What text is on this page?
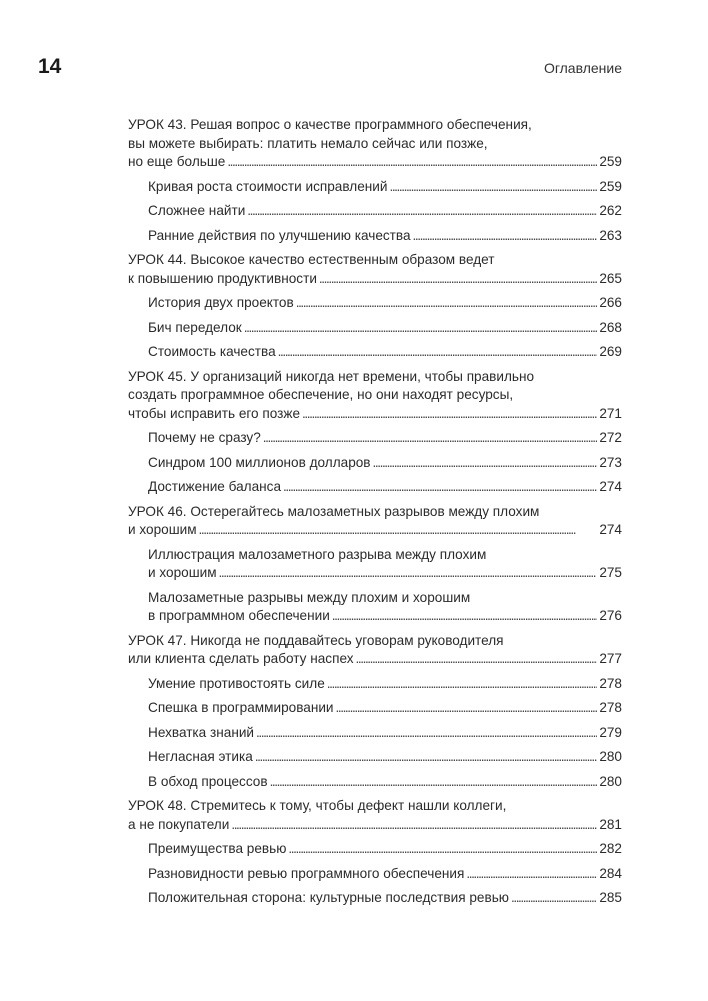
14	Оглавление
УРОК 43. Решая вопрос о качестве программного обеспечения,
вы можете выбирать: платить немало сейчас или позже,
но еще больше . . .	259
Кривая роста стоимости исправлений . . .	259
Сложнее найти . . .	262
Ранние действия по улучшению качества . . .	263
УРОК 44. Высокое качество естественным образом ведет
к повышению продуктивности . . .	265
История двух проектов . . .	266
Бич переделок . . .	268
Стоимость качества . . .	269
УРОК 45. У организаций никогда нет времени, чтобы правильно
создать программное обеспечение, но они находят ресурсы,
чтобы исправить его позже . . .	271
Почему не сразу? . . .	272
Синдром 100 миллионов долларов . . .	273
Достижение баланса . . .	274
УРОК 46. Остерегайтесь малозаметных разрывов между плохим
и хорошим . . .	274
Иллюстрация малозаметного разрыва между плохим
и хорошим . . .	275
Малозаметные разрывы между плохим и хорошим
в программном обеспечении . . .	276
УРОК 47. Никогда не поддавайтесь уговорам руководителя
или клиента сделать работу наспех . . .	277
Умение противостоять силе . . .	278
Спешка в программировании . . .	278
Нехватка знаний . . .	279
Негласная этика . . .	280
В обход процессов . . .	280
УРОК 48. Стремитесь к тому, чтобы дефект нашли коллеги,
а не покупатели . . .	281
Преимущества ревью . . .	282
Разновидности ревью программного обеспечения . . .	284
Положительная сторона: культурные последствия ревью . . .	285
